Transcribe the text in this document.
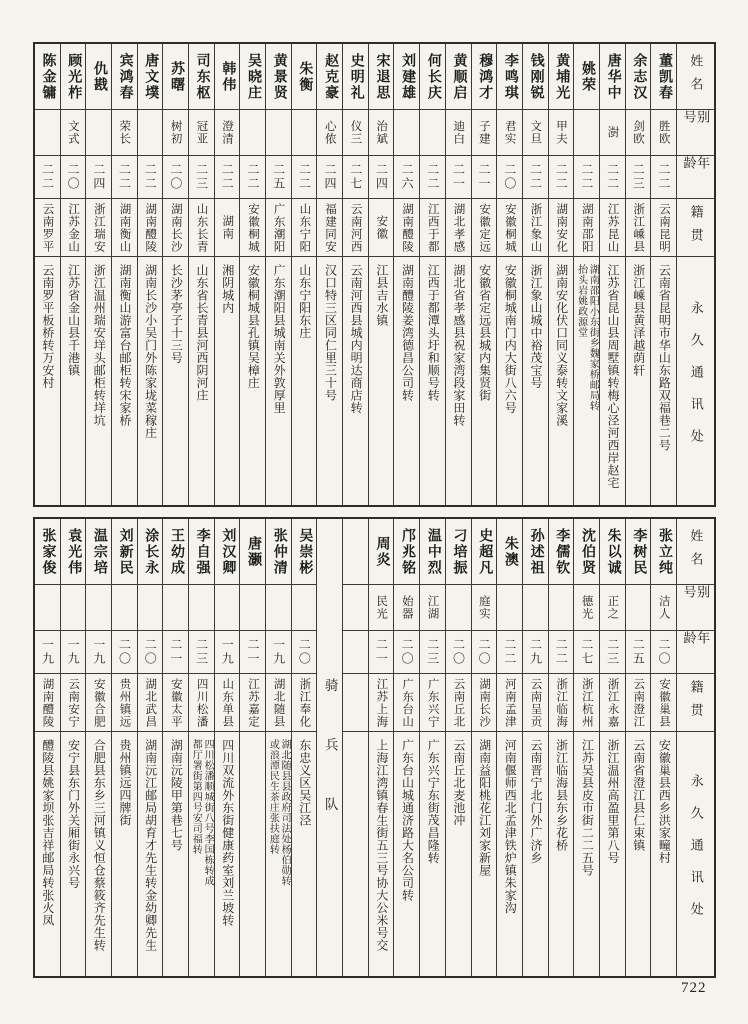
姓名
别号
年龄
籍贯
永久通讯处
董凯春
胜欧
二二
云南昆明
云南省昆明市华山东路双福巷二号
余志汉
剑欧
二三
浙江嵊县
浙江嵊县黄泽越荫轩
唐华中
澍
二二
江苏昆山
江苏省昆山县周墅镇转梅心泾河西岸赵宅
姚荣
二二
湖南邵阳
湖南邵阳小东街乡魏家桥邮局转抬头岩姚政源堂
黄埔光
甲夫
二二
湖南安化
湖南安化伏口同义泰转文家溪
钱刚锐
文旦
二二
浙江象山
浙江象山城中裕茂宝号
李鸣琪
君实
二〇
安徽桐城
安徽桐城南门内大街八六号
穆鸿才
子建
二一
安徽定远
安徽省定远县城内集贤街
黄顺启
迪白
二一
湖北孝感
湖北省孝感县祝家湾段家田转
何长庆
二二
江西于都
江西于都潭头圩和顺号转
刘建雄
二六
湖南醴陵
湖南醴陵姜湾德昌公司转
宋退思
治斌
二四
安徽
江县吉水镇
史明礼
仪三
二七
云南河西
云南河西县城内明达商店转
赵克豪
心侬
二四
福建同安
汉口特三区同仁里三十号
朱衡
二二
山东宁阳
山东宁阳东庄
黄景贤
二五
广东潮阳
广东潮阳县城南关外敦厚里
吴晓庄
二二
安徽桐城
安徽桐城县孔镇吴樟庄
韩伟
澄清
二二
湖南
湘阴城内
司东枢
冠亚
二三
山东长青
山东省长青县河西阴河庄
苏曙
树初
二〇
湖南长沙
长沙茅亭子十三号
唐文墣
二二
湖南醴陵
湖南长沙小吴门外陈家垅菜稼庄
宾鸿春
荣长
二二
湖南衡山
湖南衡山游富台邮柜转宋家桥
仇戡
二四
浙江瑞安
浙江温州瑞安垟头邮柜转垟坑
顾光柞
文式
二〇
江苏金山
江苏省金山县千港镇
陈金镛
二二
云南罗平
云南罗平板桥转万安村
姓名
别号
年龄
籍贯
永久通讯处
张立纯
洁人
二〇
安徽巢县
安徽巢县西乡洪家疃村
李树民
二五
云南澄江
云南省澄江县仁束镇
朱以诚
正之
二三
浙江永嘉
浙江温州高盈里第八号
沈伯贤
德光
二七
浙江杭州
江苏吴县皮市街二二五号
李儒钦
二二
浙江临海
浙江临海县东乡花桥
孙述祖
二九
云南呈贡
云南晋宁北门外广济乡
朱澳
二二
河南孟津
河南偃师西北孟津铁炉镇朱家沟
史超凡
庭实
二〇
湖南长沙
湖南益阳桃花江刘家新屋
刁培振
二〇
云南丘北
云南丘北麦池冲
温中烈
江湖
二三
广东兴宁
广东兴宁东街茂昌隆转
邝兆铭
始器
二〇
广东台山
广东台山城通济路大名公司转
周炎
民光
二一
江苏上海
上海江湾镇春生街五三号协大公米号交
骑兵队
吴崇彬
二〇
浙江奉化
东忠义区吴江泾
张仲清
一九
湖北随县
湖北随县县政府司法处杨伯勋转或浪潭民生茶庄张扶庭转
唐灏
二一
江苏嘉定
刘汉卿
一九
山东单县
四川双流外东街健康药室刘兰坡转
李自强
二三
四川松潘
四川松潘顺城街八号李国栋转成都厅署街第四号安司福转
王幼成
二一
安徽太平
湖南沅陵甲第巷七号
涂长永
二〇
湖北武昌
湖南沅江邮局胡育才先生转金幼卿先生
刘新民
二〇
贵州镇远
贵州镇远四牌街
温宗培
一九
安徽合肥
合肥县东乡三河镇义恒仓蔡筱齐先生转
袁光伟
一九
云南安宁
安宁县东门外关厢街永兴号
张家俊
一九
湖南醴陵
醴陵县姚家坝张吉祥邮局转张火凤
722
